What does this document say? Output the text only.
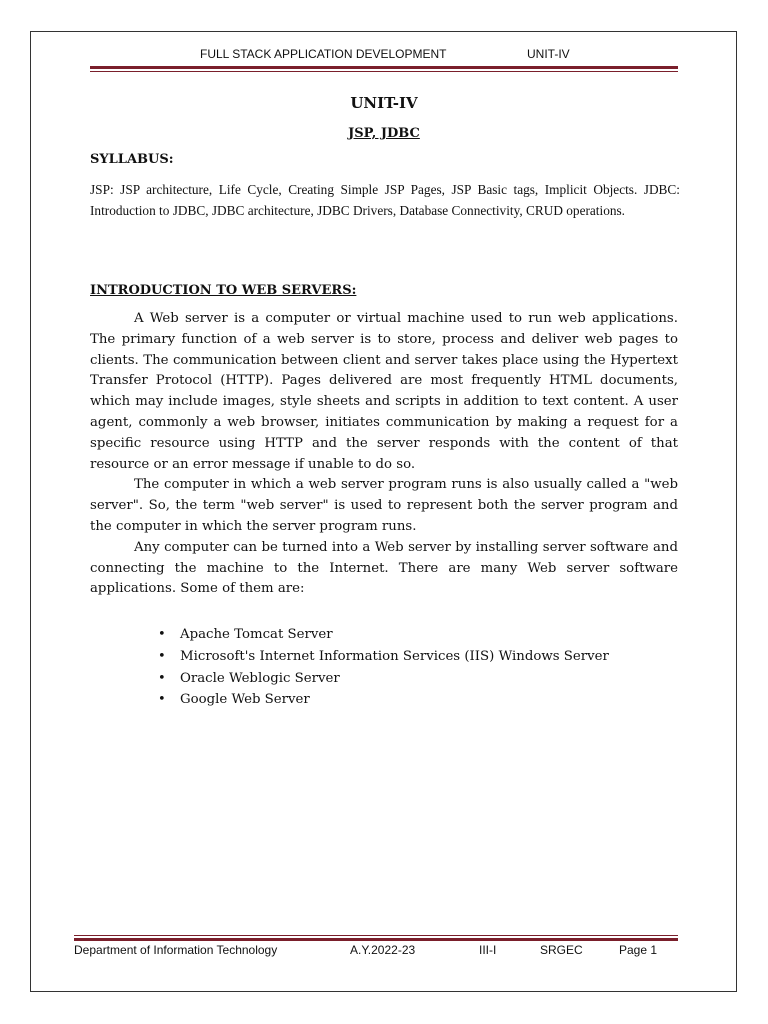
FULL STACK APPLICATION DEVELOPMENT	UNIT-IV
UNIT-IV
JSP, JDBC
SYLLABUS:
JSP: JSP architecture, Life Cycle, Creating Simple JSP Pages, JSP Basic tags, Implicit Objects. JDBC: Introduction to JDBC, JDBC architecture, JDBC Drivers, Database Connectivity, CRUD operations.
INTRODUCTION TO WEB SERVERS:

A Web server is a computer or virtual machine used to run web applications. The primary function of a web server is to store, process and deliver web pages to clients. The communication between client and server takes place using the Hypertext Transfer Protocol (HTTP). Pages delivered are most frequently HTML documents, which may include images, style sheets and scripts in addition to text content. A user agent, commonly a web browser, initiates communication by making a request for a specific resource using HTTP and the server responds with the content of that resource or an error message if unable to do so.

The computer in which a web server program runs is also usually called a "web server". So, the term "web server" is used to represent both the server program and the computer in which the server program runs.

Any computer can be turned into a Web server by installing server software and connecting the machine to the Internet. There are many Web server software applications. Some of them are:

• Apache Tomcat Server
• Microsoft's Internet Information Services (IIS) Windows Server
• Oracle Weblogic Server
• Google Web Server
Department of Information Technology	A.Y.2022-23	III-I	SRGEC	Page 1
